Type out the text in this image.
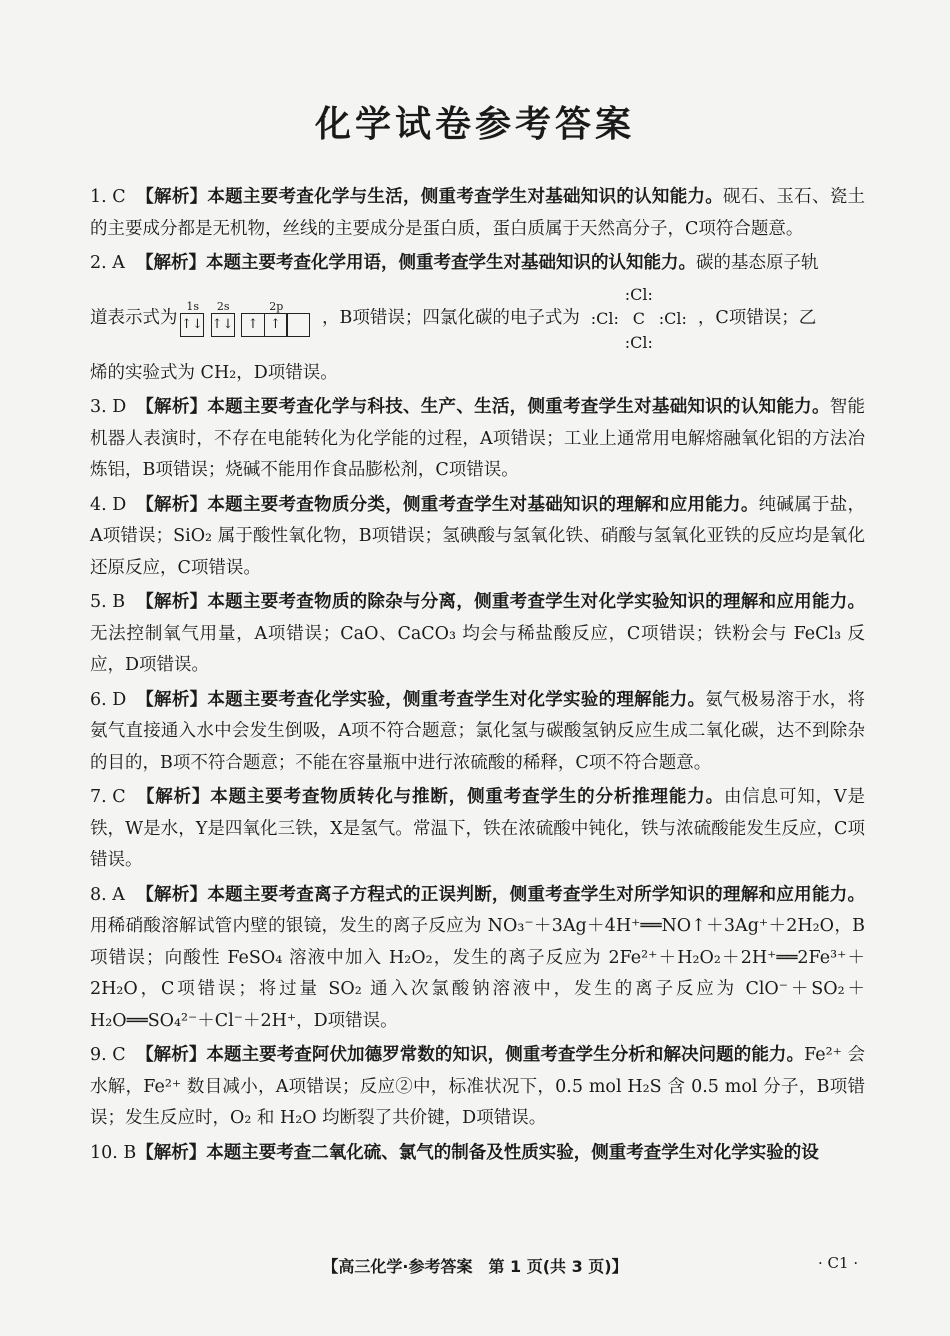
化学试卷参考答案
1. C 【解析】本题主要考查化学与生活，侧重考查学生对基础知识的认知能力。砚石、玉石、瓷土的主要成分都是无机物，丝线的主要成分是蛋白质，蛋白质属于天然高分子，C项符合题意。
2. A 【解析】本题主要考查化学用语，侧重考查学生对基础知识的认知能力。碳的基态原子轨
道表示式为
1s
↑↓
2s
↑↓
2p
↑ ↑	，B项错误；四氯化碳的电子式为
:Cl:
:Cl: C :Cl:
:Cl:
，C项错误；乙
烯的实验式为 CH₂，D项错误。
3. D 【解析】本题主要考查化学与科技、生产、生活，侧重考查学生对基础知识的认知能力。智能机器人表演时，不存在电能转化为化学能的过程，A项错误；工业上通常用电解熔融氧化铝的方法冶炼铝，B项错误；烧碱不能用作食品膨松剂，C项错误。
4. D 【解析】本题主要考查物质分类，侧重考查学生对基础知识的理解和应用能力。纯碱属于盐，A项错误；SiO₂ 属于酸性氧化物，B项错误；氢碘酸与氢氧化铁、硝酸与氢氧化亚铁的反应均是氧化还原反应，C项错误。
5. B 【解析】本题主要考查物质的除杂与分离，侧重考查学生对化学实验知识的理解和应用能力。无法控制氧气用量，A项错误；CaO、CaCO₃ 均会与稀盐酸反应，C项错误；铁粉会与 FeCl₃ 反应，D项错误。
6. D 【解析】本题主要考查化学实验，侧重考查学生对化学实验的理解能力。氨气极易溶于水，将氨气直接通入水中会发生倒吸，A项不符合题意；氯化氢与碳酸氢钠反应生成二氧化碳，达不到除杂的目的，B项不符合题意；不能在容量瓶中进行浓硫酸的稀释，C项不符合题意。
7. C 【解析】本题主要考查物质转化与推断，侧重考查学生的分析推理能力。由信息可知，V是铁，W是水，Y是四氧化三铁，X是氢气。常温下，铁在浓硫酸中钝化，铁与浓硫酸能发生反应，C项错误。
8. A 【解析】本题主要考查离子方程式的正误判断，侧重考查学生对所学知识的理解和应用能力。用稀硝酸溶解试管内壁的银镜，发生的离子反应为 NO₃⁻＋3Ag＋4H⁺══NO↑＋3Ag⁺＋2H₂O，B项错误；向酸性 FeSO₄ 溶液中加入 H₂O₂，发生的离子反应为 2Fe²⁺＋H₂O₂＋2H⁺══2Fe³⁺＋2H₂O，C项错误；将过量 SO₂ 通入次氯酸钠溶液中，发生的离子反应为 ClO⁻＋SO₂＋H₂O══SO₄²⁻＋Cl⁻＋2H⁺，D项错误。
9. C 【解析】本题主要考查阿伏加德罗常数的知识，侧重考查学生分析和解决问题的能力。Fe²⁺ 会水解，Fe²⁺ 数目减小，A项错误；反应②中，标准状况下，0.5 mol H₂S 含 0.5 mol 分子，B项错误；发生反应时，O₂ 和 H₂O 均断裂了共价键，D项错误。
10. B【解析】本题主要考查二氧化硫、氯气的制备及性质实验，侧重考查学生对化学实验的设
【高三化学·参考答案　第 1 页(共 3 页)】	· C1 ·
